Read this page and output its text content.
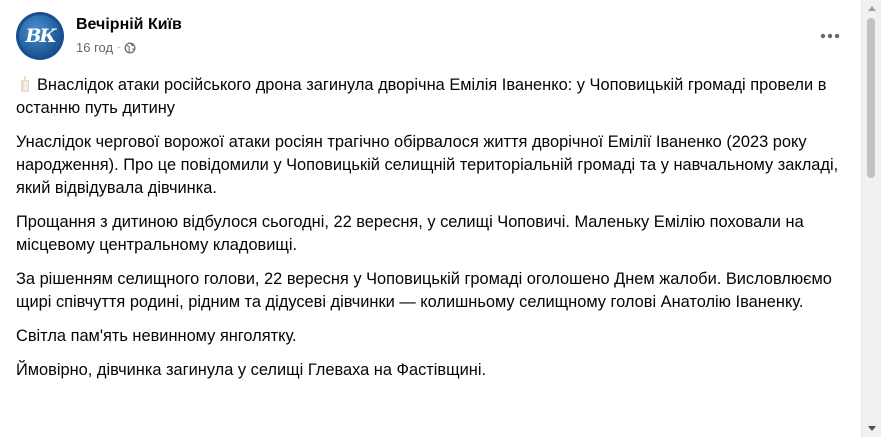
ВК
Вечірній Київ
16 год ·

Внаслідок атаки російського дрона загинула дворічна Емілія Іваненко: у Чоповицькій громаді провели в останню путь дитину

Унаслідок чергової ворожої атаки росіян трагічно обірвалося життя дворічної Емілії Іваненко (2023 року народження). Про це повідомили у Чоповицькій селищній територіальній громаді та у навчальному закладі, який відвідувала дівчинка.

Прощання з дитиною відбулося сьогодні, 22 вересня, у селищі Чоповичі. Маленьку Емілію поховали на місцевому центральному кладовищі.

За рішенням селищного голови, 22 вересня у Чоповицькій громаді оголошено Днем жалоби. Висловлюємо щирі співчуття родині, рідним та дідусеві дівчинки — колишньому селищному голові Анатолію Іваненку.

Світла пам'ять невинному янголятку.

Ймовірно, дівчинка загинула у селищі Глеваха на Фастівщині.
